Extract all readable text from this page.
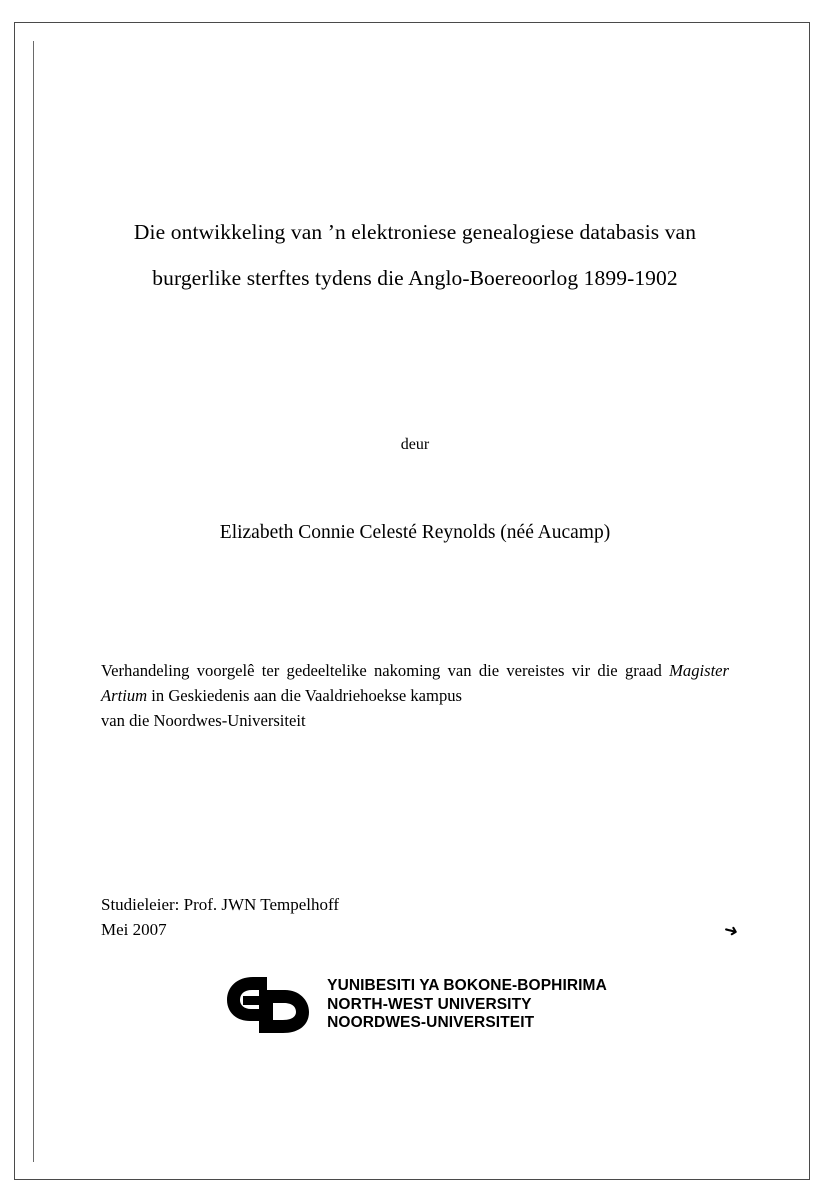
Die ontwikkeling van ’n elektroniese genealogiese databasis van
burgerlike sterftes tydens die Anglo-Boereoorlog 1899-1902
deur
Elizabeth Connie Celesté Reynolds (néé Aucamp)
Verhandeling voorgelê ter gedeeltelike nakoming van die vereistes vir die graad Magister Artium in Geskiedenis aan die Vaaldriehoekse kampus
van die Noordwes-Universiteit
Studieleier: Prof. JWN Tempelhoff
Mei 2007	➜
YUNIBESITI YA BOKONE-BOPHIRIMA
NORTH-WEST UNIVERSITY
NOORDWES-UNIVERSITEIT
